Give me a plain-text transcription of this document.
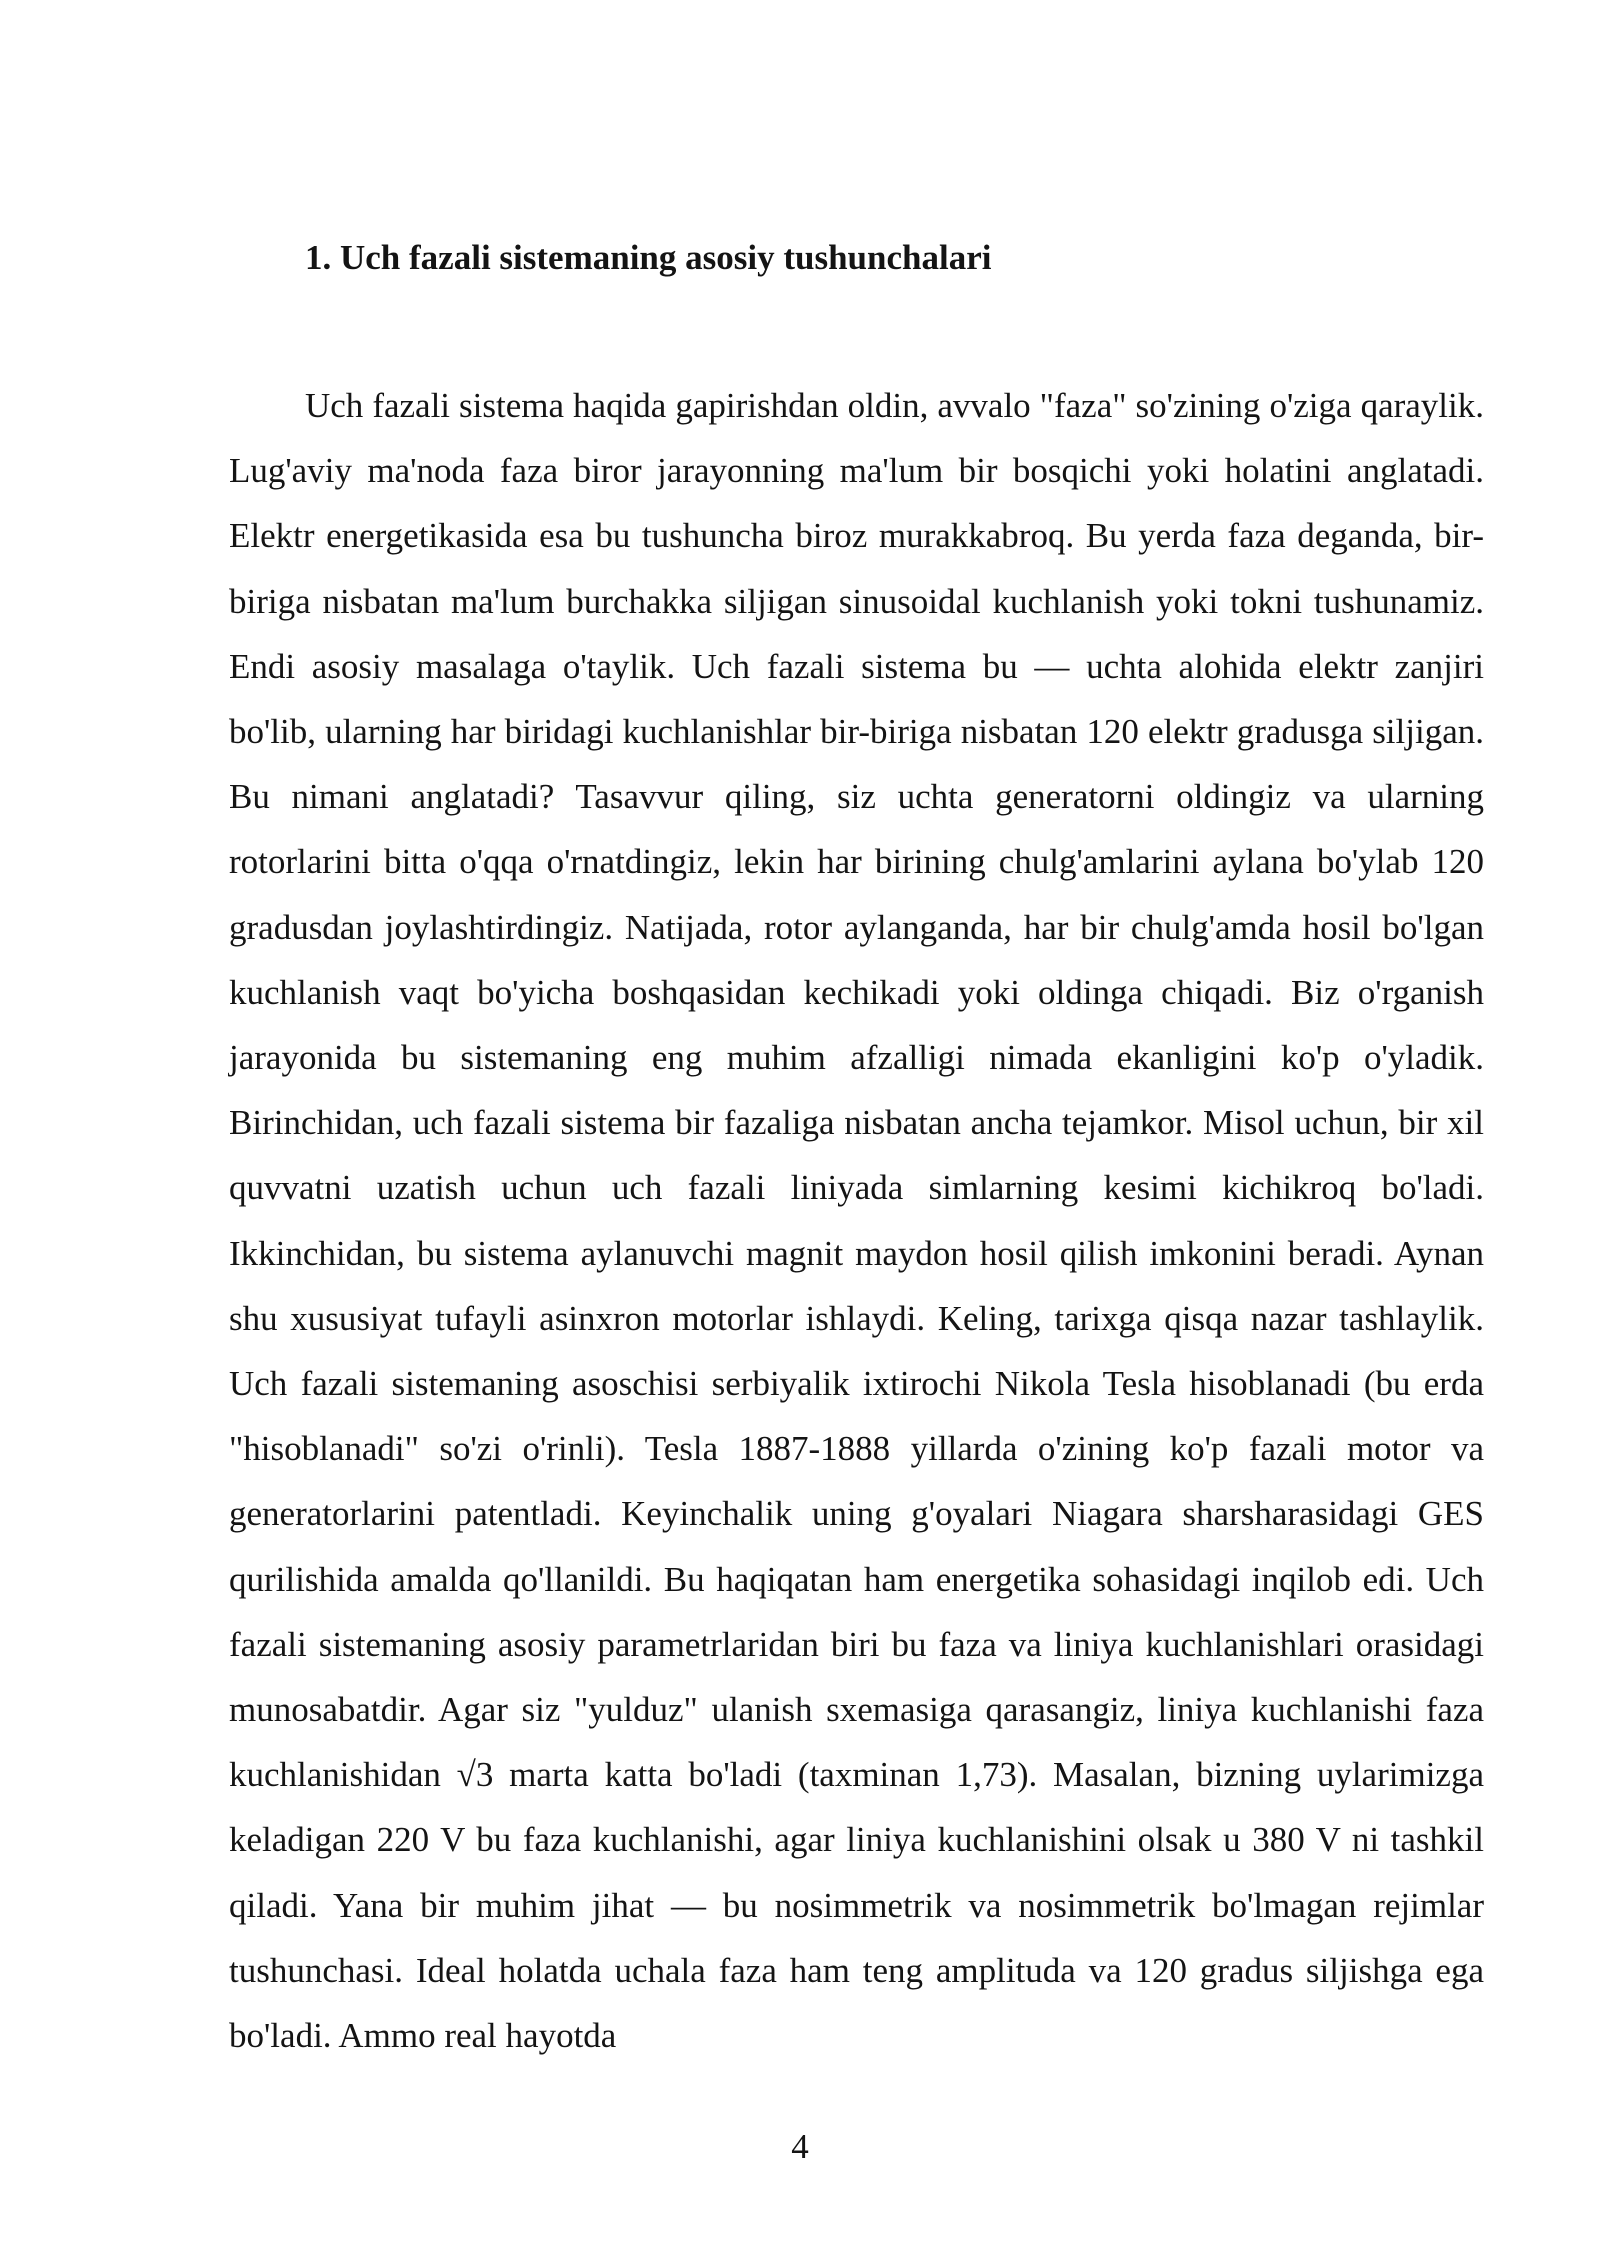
1. Uch fazali sistemaning asosiy tushunchalari

Uch fazali sistema haqida gapirishdan oldin, avvalo "faza" so'zining o'ziga qaraylik. Lug'aviy ma'noda faza biror jarayonning ma'lum bir bosqichi yoki holatini anglatadi. Elektr energetikasida esa bu tushuncha biroz murakkabroq. Bu yerda faza deganda, bir-biriga nisbatan ma'lum burchakka siljigan sinusoidal kuchlanish yoki tokni tushunamiz. Endi asosiy masalaga o'taylik. Uch fazali sistema bu — uchta alohida elektr zanjiri bo'lib, ularning har biridagi kuchlanishlar bir-biriga nisbatan 120 elektr gradusga siljigan. Bu nimani anglatadi? Tasavvur qiling, siz uchta generatorni oldingiz va ularning rotorlarini bitta o'qqa o'rnatdingiz, lekin har birining chulg'amlarini aylana bo'ylab 120 gradusdan joylashtirdingiz. Natijada, rotor aylanganda, har bir chulg'amda hosil bo'lgan kuchlanish vaqt bo'yicha boshqasidan kechikadi yoki oldinga chiqadi. Biz o'rganish jarayonida bu sistemaning eng muhim afzalligi nimada ekanligini ko'p o'yladik. Birinchidan, uch fazali sistema bir fazaliga nisbatan ancha tejamkor. Misol uchun, bir xil quvvatni uzatish uchun uch fazali liniyada simlarning kesimi kichikroq bo'ladi. Ikkinchidan, bu sistema aylanuvchi magnit maydon hosil qilish imkonini beradi. Aynan shu xususiyat tufayli asinxron motorlar ishlaydi. Keling, tarixga qisqa nazar tashlaylik. Uch fazali sistemaning asoschisi serbiyalik ixtirochi Nikola Tesla hisoblanadi (bu erda "hisoblanadi" so'zi o'rinli). Tesla 1887-1888 yillarda o'zining ko'p fazali motor va generatorlarini patentladi. Keyinchalik uning g'oyalari Niagara sharsharasidagi GES qurilishida amalda qo'llanildi. Bu haqiqatan ham energetika sohasidagi inqilob edi. Uch fazali sistemaning asosiy parametrlaridan biri bu faza va liniya kuchlanishlari orasidagi munosabatdir. Agar siz "yulduz" ulanish sxemasiga qarasangiz, liniya kuchlanishi faza kuchlanishidan √3 marta katta bo'ladi (taxminan 1,73). Masalan, bizning uylarimizga keladigan 220 V bu faza kuchlanishi, agar liniya kuchlanishini olsak u 380 V ni tashkil qiladi. Yana bir muhim jihat — bu nosimmetrik va nosimmetrik bo'lmagan rejimlar tushunchasi. Ideal holatda uchala faza ham teng amplituda va 120 gradus siljishga ega bo'ladi. Ammo real hayotda

4
